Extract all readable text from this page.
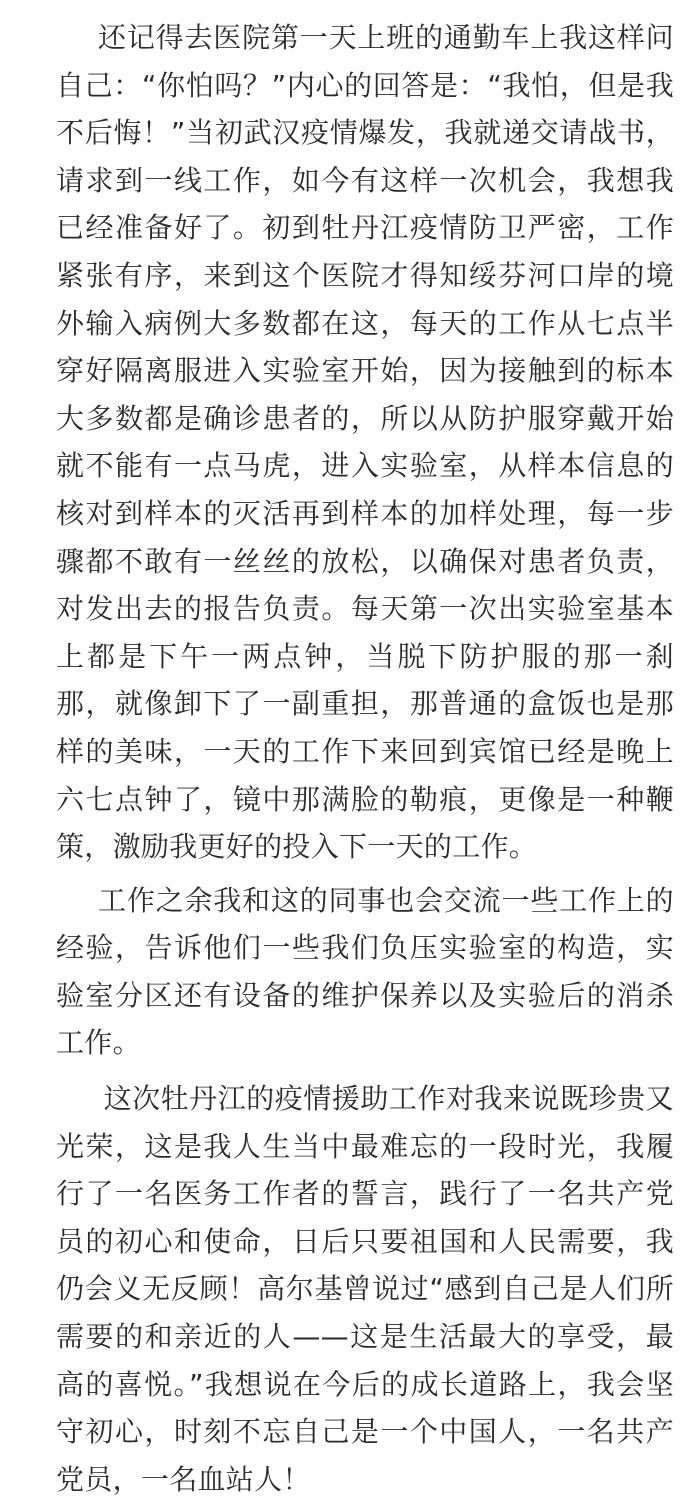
还记得去医院第一天上班的通勤车上我这样问自己：“你怕吗？”内心的回答是：“我怕，但是我不后悔！”当初武汉疫情爆发，我就递交请战书，请求到一线工作，如今有这样一次机会，我想我已经准备好了。初到牡丹江疫情防卫严密，工作紧张有序，来到这个医院才得知绥芬河口岸的境外输入病例大多数都在这，每天的工作从七点半穿好隔离服进入实验室开始，因为接触到的标本大多数都是确诊患者的，所以从防护服穿戴开始就不能有一点马虎，进入实验室，从样本信息的核对到样本的灭活再到样本的加样处理，每一步骤都不敢有一丝丝的放松，以确保对患者负责，对发出去的报告负责。每天第一次出实验室基本上都是下午一两点钟，当脱下防护服的那一刹那，就像卸下了一副重担，那普通的盒饭也是那样的美味，一天的工作下来回到宾馆已经是晚上六七点钟了，镜中那满脸的勒痕，更像是一种鞭策，激励我更好的投入下一天的工作。

工作之余我和这的同事也会交流一些工作上的经验，告诉他们一些我们负压实验室的构造，实验室分区还有设备的维护保养以及实验后的消杀工作。

这次牡丹江的疫情援助工作对我来说既珍贵又光荣，这是我人生当中最难忘的一段时光，我履行了一名医务工作者的誓言，践行了一名共产党员的初心和使命，日后只要祖国和人民需要，我仍会义无反顾！高尔基曾说过“感到自己是人们所需要的和亲近的人——这是生活最大的享受，最高的喜悦。”我想说在今后的成长道路上，我会坚守初心，时刻不忘自己是一个中国人，一名共产党员，一名血站人！
